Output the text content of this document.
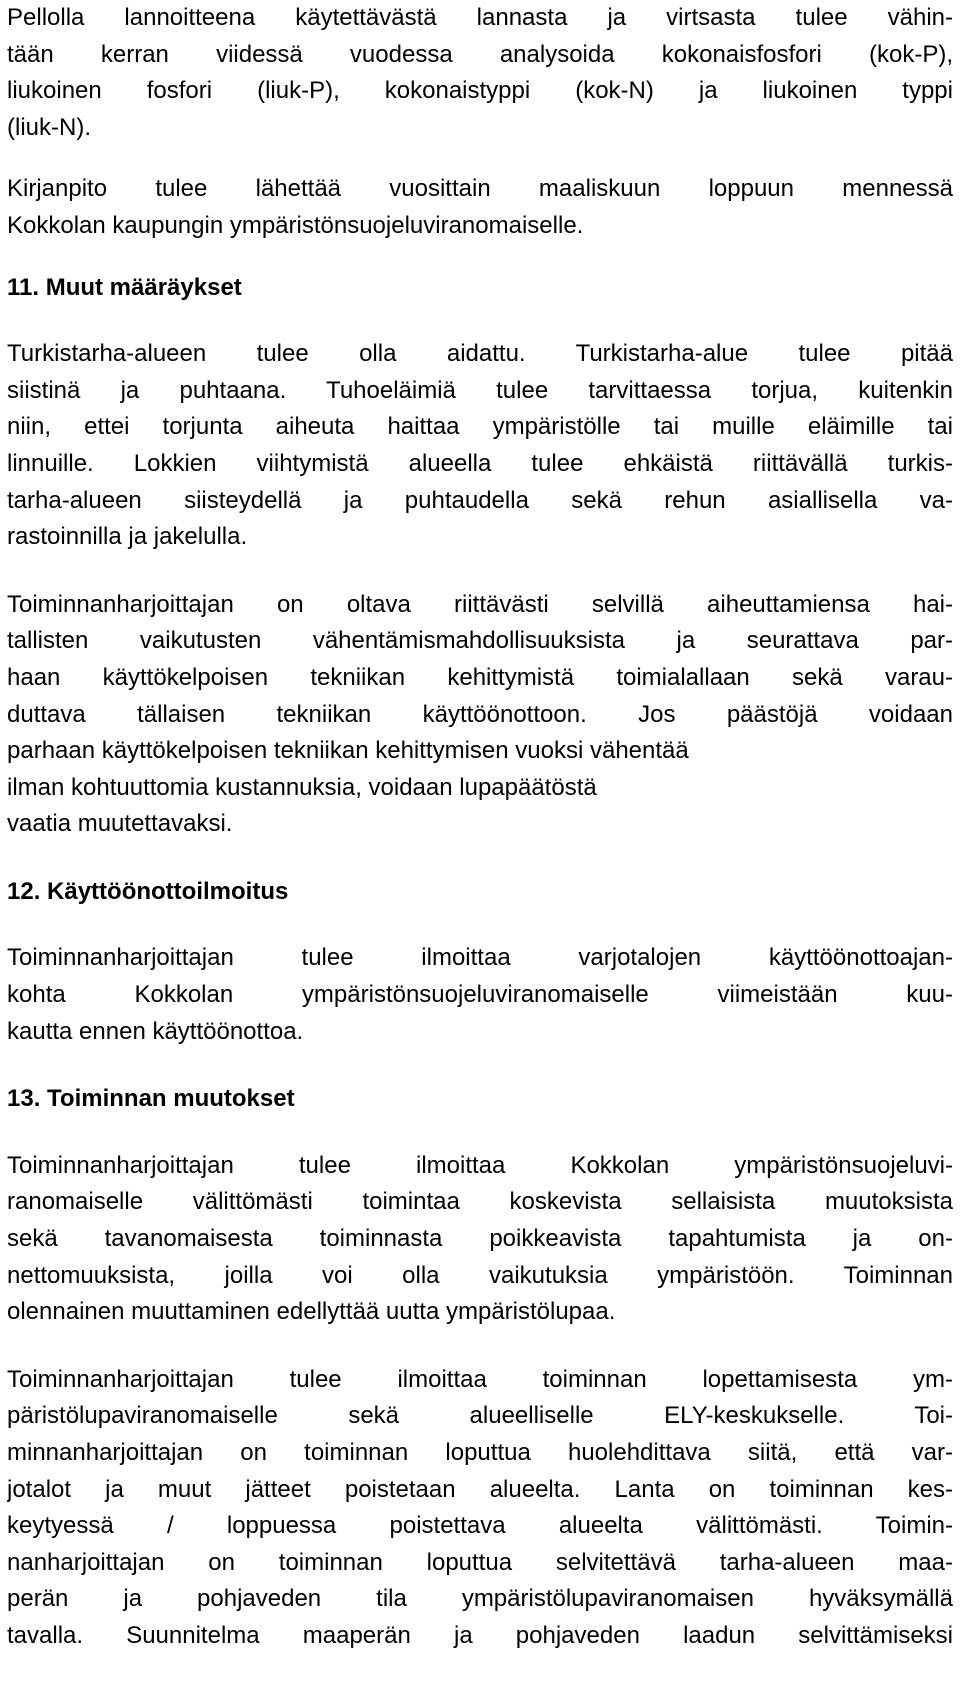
Pellolla lannoitteena käytettävästä lannasta ja virtsasta tulee vähin-
tään kerran viidessä vuodessa analysoida kokonaisfosfori (kok-P),
liukoinen fosfori (liuk-P), kokonaistyppi (kok-N) ja liukoinen typpi
(liuk-N).
Kirjanpito tulee lähettää vuosittain maaliskuun loppuun mennessä
Kokkolan kaupungin ympäristönsuojeluviranomaiselle.
11. Muut määräykset
Turkistarha-alueen tulee olla aidattu. Turkistarha-alue tulee pitää
siistinä ja puhtaana. Tuhoeläimiä tulee tarvittaessa torjua, kuitenkin
niin, ettei torjunta aiheuta haittaa ympäristölle tai muille eläimille tai
linnuille. Lokkien viihtymistä alueella tulee ehkäistä riittävällä turkis-
tarha-alueen siisteydellä ja puhtaudella sekä rehun asiallisella va-
rastoinnilla ja jakelulla.
Toiminnanharjoittajan on oltava riittävästi selvillä aiheuttamiensa hai-
tallisten vaikutusten vähentämismahdollisuuksista ja seurattava par-
haan käyttökelpoisen tekniikan kehittymistä toimialallaan sekä varau-
duttava tällaisen tekniikan käyttöönottoon. Jos päästöjä voidaan
parhaan käyttökelpoisen tekniikan kehittymisen vuoksi vähentää
ilman kohtuuttomia kustannuksia, voidaan lupapäätöstä
vaatia muutettavaksi.
12. Käyttöönottoilmoitus
Toiminnanharjoittajan tulee ilmoittaa varjotalojen käyttöönottoajan-
kohta Kokkolan ympäristönsuojeluviranomaiselle viimeistään kuu-
kautta ennen käyttöönottoa.
13. Toiminnan muutokset
Toiminnanharjoittajan tulee ilmoittaa Kokkolan ympäristönsuojeluvi-
ranomaiselle välittömästi toimintaa koskevista sellaisista muutoksista
sekä tavanomaisesta toiminnasta poikkeavista tapahtumista ja on-
nettomuuksista, joilla voi olla vaikutuksia ympäristöön. Toiminnan
olennainen muuttaminen edellyttää uutta ympäristölupaa.
Toiminnanharjoittajan tulee ilmoittaa toiminnan lopettamisesta ym-
päristölupaviranomaiselle sekä alueelliselle ELY-keskukselle. Toi-
minnanharjoittajan on toiminnan loputtua huolehdittava siitä, että var-
jotalot ja muut jätteet poistetaan alueelta. Lanta on toiminnan kes-
keytyessä / loppuessa poistettava alueelta välittömästi. Toimin-
nanharjoittajan on toiminnan loputtua selvitettävä tarha-alueen maa-
perän ja pohjaveden tila ympäristölupaviranomaisen hyväksymällä
tavalla. Suunnitelma maaperän ja pohjaveden laadun selvittämiseksi
